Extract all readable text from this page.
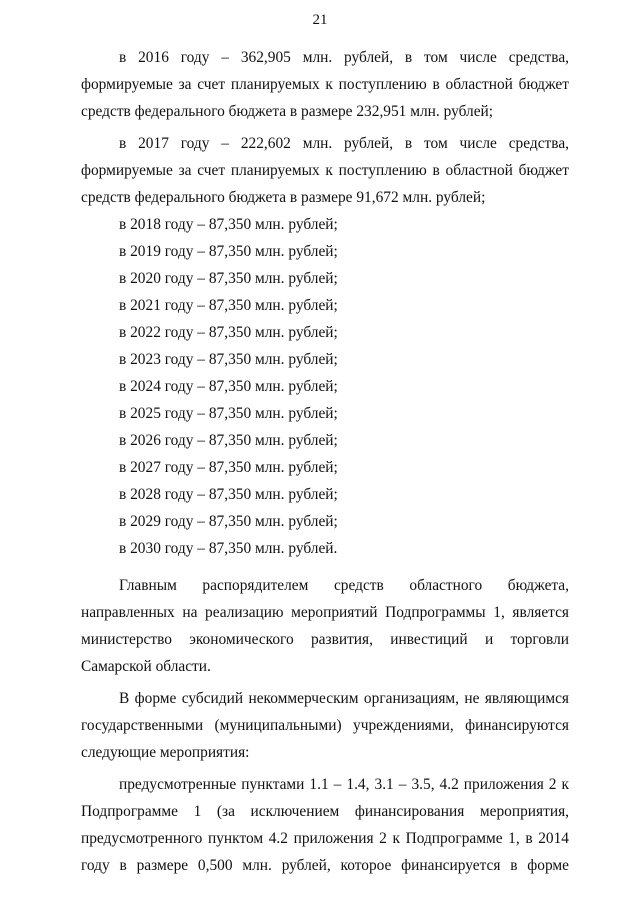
21

в 2016 году – 362,905 млн. рублей, в том числе средства, формируемые за счет планируемых к поступлению в областной бюджет средств федерального бюджета в размере 232,951 млн. рублей;

в 2017 году – 222,602 млн. рублей, в том числе средства, формируемые за счет планируемых к поступлению в областной бюджет средств федерального бюджета в размере 91,672 млн. рублей;

в 2018 году – 87,350 млн. рублей;

в 2019 году – 87,350 млн. рублей;

в 2020 году – 87,350 млн. рублей;

в 2021 году – 87,350 млн. рублей;

в 2022 году – 87,350 млн. рублей;

в 2023 году – 87,350 млн. рублей;

в 2024 году – 87,350 млн. рублей;

в 2025 году – 87,350 млн. рублей;

в 2026 году – 87,350 млн. рублей;

в 2027 году – 87,350 млн. рублей;

в 2028 году – 87,350 млн. рублей;

в 2029 году – 87,350 млн. рублей;

в 2030 году – 87,350 млн. рублей.

Главным распорядителем средств областного бюджета, направленных на реализацию мероприятий Подпрограммы 1, является министерство экономического развития, инвестиций и торговли Самарской области.

В форме субсидий некоммерческим организациям, не являющимся государственными (муниципальными) учреждениями, финансируются следующие мероприятия:

предусмотренные пунктами 1.1 – 1.4, 3.1 – 3.5, 4.2 приложения 2 к Подпрограмме 1 (за исключением финансирования мероприятия, предусмотренного пунктом 4.2 приложения 2 к Подпрограмме 1, в 2014 году в размере 0,500 млн. рублей, которое финансируется в форме
